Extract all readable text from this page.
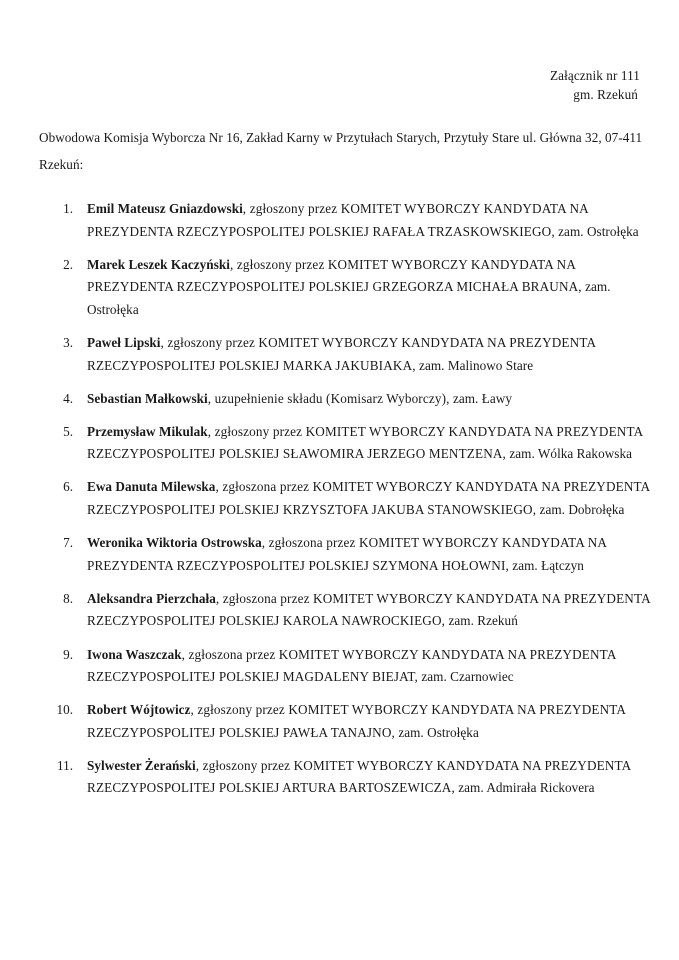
Załącznik nr 111
gm. Rzekuń
Obwodowa Komisja Wyborcza Nr 16, Zakład Karny w Przytułach Starych, Przytuły Stare ul. Główna 32, 07-411 Rzekuń:
1. Emil Mateusz Gniazdowski, zgłoszony przez KOMITET WYBORCZY KANDYDATA NA PREZYDENTA RZECZYPOSPOLITEJ POLSKIEJ RAFAŁA TRZASKOWSKIEGO, zam. Ostrołęka
2. Marek Leszek Kaczyński, zgłoszony przez KOMITET WYBORCZY KANDYDATA NA PREZYDENTA RZECZYPOSPOLITEJ POLSKIEJ GRZEGORZA MICHAŁA BRAUNA, zam. Ostrołęka
3. Paweł Lipski, zgłoszony przez KOMITET WYBORCZY KANDYDATA NA PREZYDENTA RZECZYPOSPOLITEJ POLSKIEJ MARKA JAKUBIAKA, zam. Malinowo Stare
4. Sebastian Małkowski, uzupełnienie składu (Komisarz Wyborczy), zam. Ławy
5. Przemysław Mikulak, zgłoszony przez KOMITET WYBORCZY KANDYDATA NA PREZYDENTA RZECZYPOSPOLITEJ POLSKIEJ SŁAWOMIRA JERZEGO MENTZENA, zam. Wólka Rakowska
6. Ewa Danuta Milewska, zgłoszona przez KOMITET WYBORCZY KANDYDATA NA PREZYDENTA RZECZYPOSPOLITEJ POLSKIEJ KRZYSZTOFA JAKUBA STANOWSKIEGO, zam. Dobrołęka
7. Weronika Wiktoria Ostrowska, zgłoszona przez KOMITET WYBORCZY KANDYDATA NA PREZYDENTA RZECZYPOSPOLITEJ POLSKIEJ SZYMONA HOŁOWNI, zam. Łątczyn
8. Aleksandra Pierzchała, zgłoszona przez KOMITET WYBORCZY KANDYDATA NA PREZYDENTA RZECZYPOSPOLITEJ POLSKIEJ KAROLA NAWROCKIEGO, zam. Rzekuń
9. Iwona Waszczak, zgłoszona przez KOMITET WYBORCZY KANDYDATA NA PREZYDENTA RZECZYPOSPOLITEJ POLSKIEJ MAGDALENY BIEJAT, zam. Czarnowiec
10. Robert Wójtowicz, zgłoszony przez KOMITET WYBORCZY KANDYDATA NA PREZYDENTA RZECZYPOSPOLITEJ POLSKIEJ PAWŁA TANAJNO, zam. Ostrołęka
11. Sylwester Żerański, zgłoszony przez KOMITET WYBORCZY KANDYDATA NA PREZYDENTA RZECZYPOSPOLITEJ POLSKIEJ ARTURA BARTOSZEWICZA, zam. Admirała Rickovera
